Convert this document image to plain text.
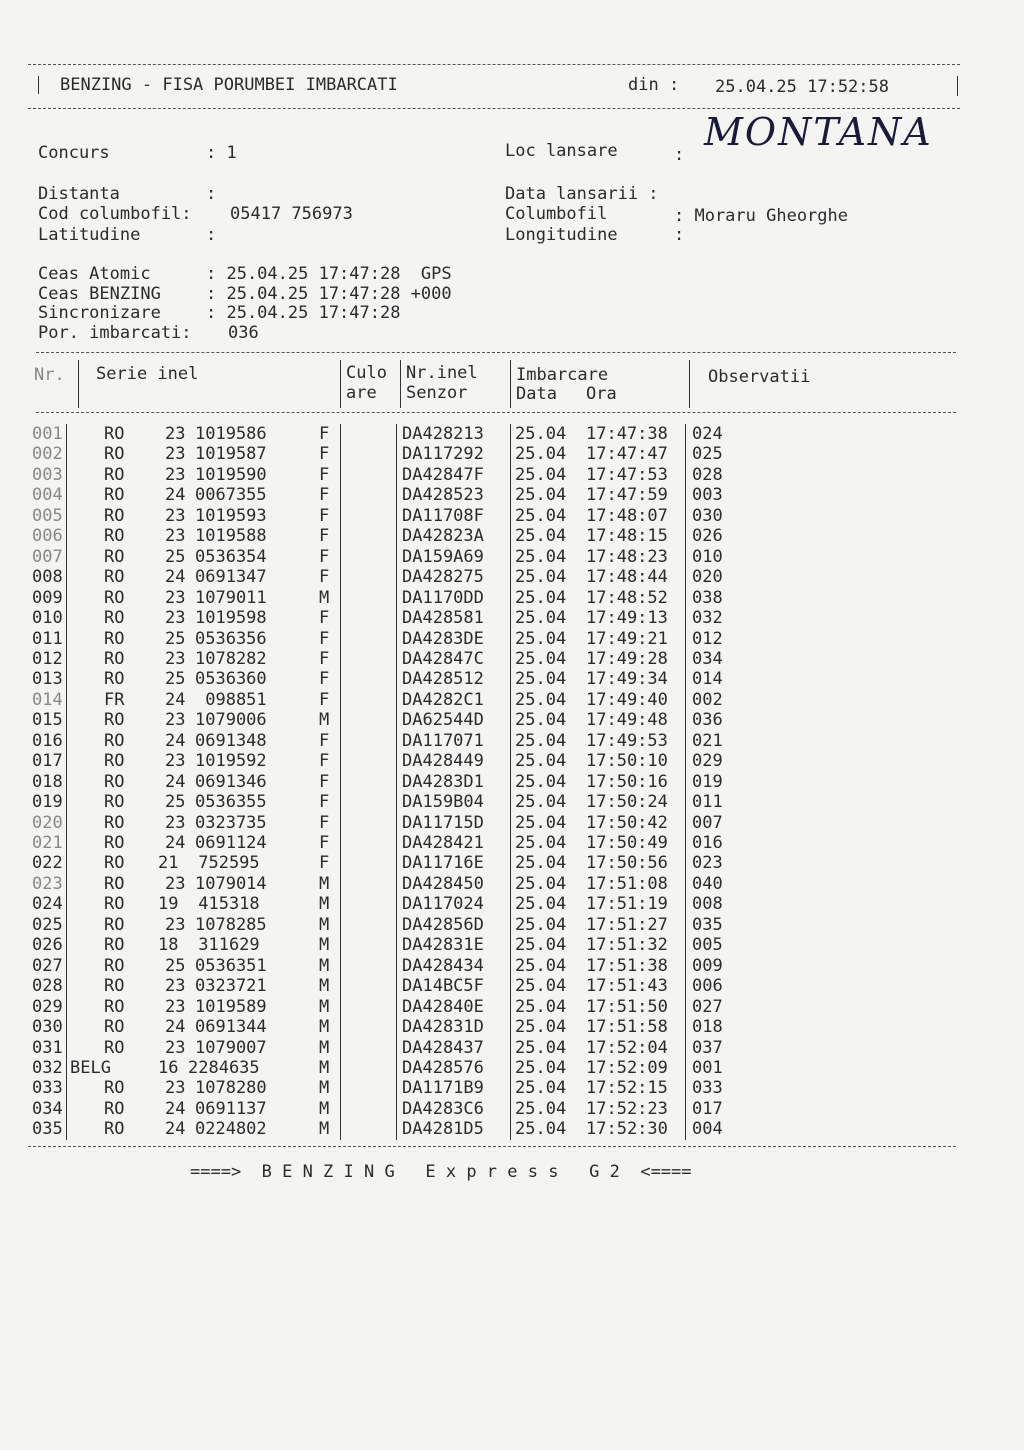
BENZING - FISA PORUMBEI IMBARCATI	din : 25.04.25 17:52:58
Concurs	: 1	Loc lansare	:
MONTANA
Distanta	:
Cod columbofil: 05417 756973
Latitudine	:
Data lansarii :
Columbofil	: Moraru Gheorghe
Longitudine	:
Ceas Atomic	: 25.04.25 17:47:28  GPS
Ceas BENZING	: 25.04.25 17:47:28 +000
Sincronizare	: 25.04.25 17:47:28
Por. imbarcati: 036
Nr. Serie inel	Culo
are
Nr.inel
Senzor
Imbarcare
Data Ora
Observatii
001 RO 23 1019586	F	DA428213 25.04 17:47:38 024
002 RO 23 1019587	F	DA117292 25.04 17:47:47 025
003 RO 23 1019590	F	DA42847F 25.04 17:47:53 028
004 RO 24 0067355	F	DA428523 25.04 17:47:59 003
005 RO 23 1019593	F	DA11708F 25.04 17:48:07 030
006 RO 23 1019588	F	DA42823A 25.04 17:48:15 026
007 RO 25 0536354	F	DA159A69 25.04 17:48:23 010
008 RO 24 0691347	F	DA428275 25.04 17:48:44 020
009 RO 23 1079011	M	DA1170DD 25.04 17:48:52 038
010 RO 23 1019598	F	DA428581 25.04 17:49:13 032
011 RO 25 0536356	F	DA4283DE 25.04 17:49:21 012
012 RO 23 1078282	F	DA42847C 25.04 17:49:28 034
013 RO 25 0536360	F	DA428512 25.04 17:49:34 014
014 FR 24 098851	F	DA4282C1 25.04 17:49:40 002
015 RO 23 1079006	M	DA62544D 25.04 17:49:48 036
016 RO 24 0691348	F	DA117071 25.04 17:49:53 021
017 RO 23 1019592	F	DA428449 25.04 17:50:10 029
018 RO 24 0691346	F	DA4283D1 25.04 17:50:16 019
019 RO 25 0536355	F	DA159B04 25.04 17:50:24 011
020 RO 23 0323735	F	DA11715D 25.04 17:50:42 007
021 RO 24 0691124	F	DA428421 25.04 17:50:49 016
022 RO 21 752595	F	DA11716E 25.04 17:50:56 023
023 RO 23 1079014	M	DA428450 25.04 17:51:08 040
024 RO 19 415318	M	DA117024 25.04 17:51:19 008
025 RO 23 1078285	M	DA42856D 25.04 17:51:27 035
026 RO 18 311629	M	DA42831E 25.04 17:51:32 005
027 RO 25 0536351	M	DA428434 25.04 17:51:38 009
028 RO 23 0323721	M	DA14BC5F 25.04 17:51:43 006
029 RO 23 1019589	M	DA42840E 25.04 17:51:50 027
030 RO 24 0691344	M	DA42831D 25.04 17:51:58 018
031 RO 23 1079007	M	DA428437 25.04 17:52:04 037
032 BELG	16 2284635	M	DA428576 25.04 17:52:09 001
033 RO 23 1078280	M	DA1171B9 25.04 17:52:15 033
034 RO 24 0691137	M	DA4283C6 25.04 17:52:23 017
035 RO 24 0224802	M	DA4281D5 25.04 17:52:30 004
====>  B E N Z I N G   E x p r e s s   G 2  <====
